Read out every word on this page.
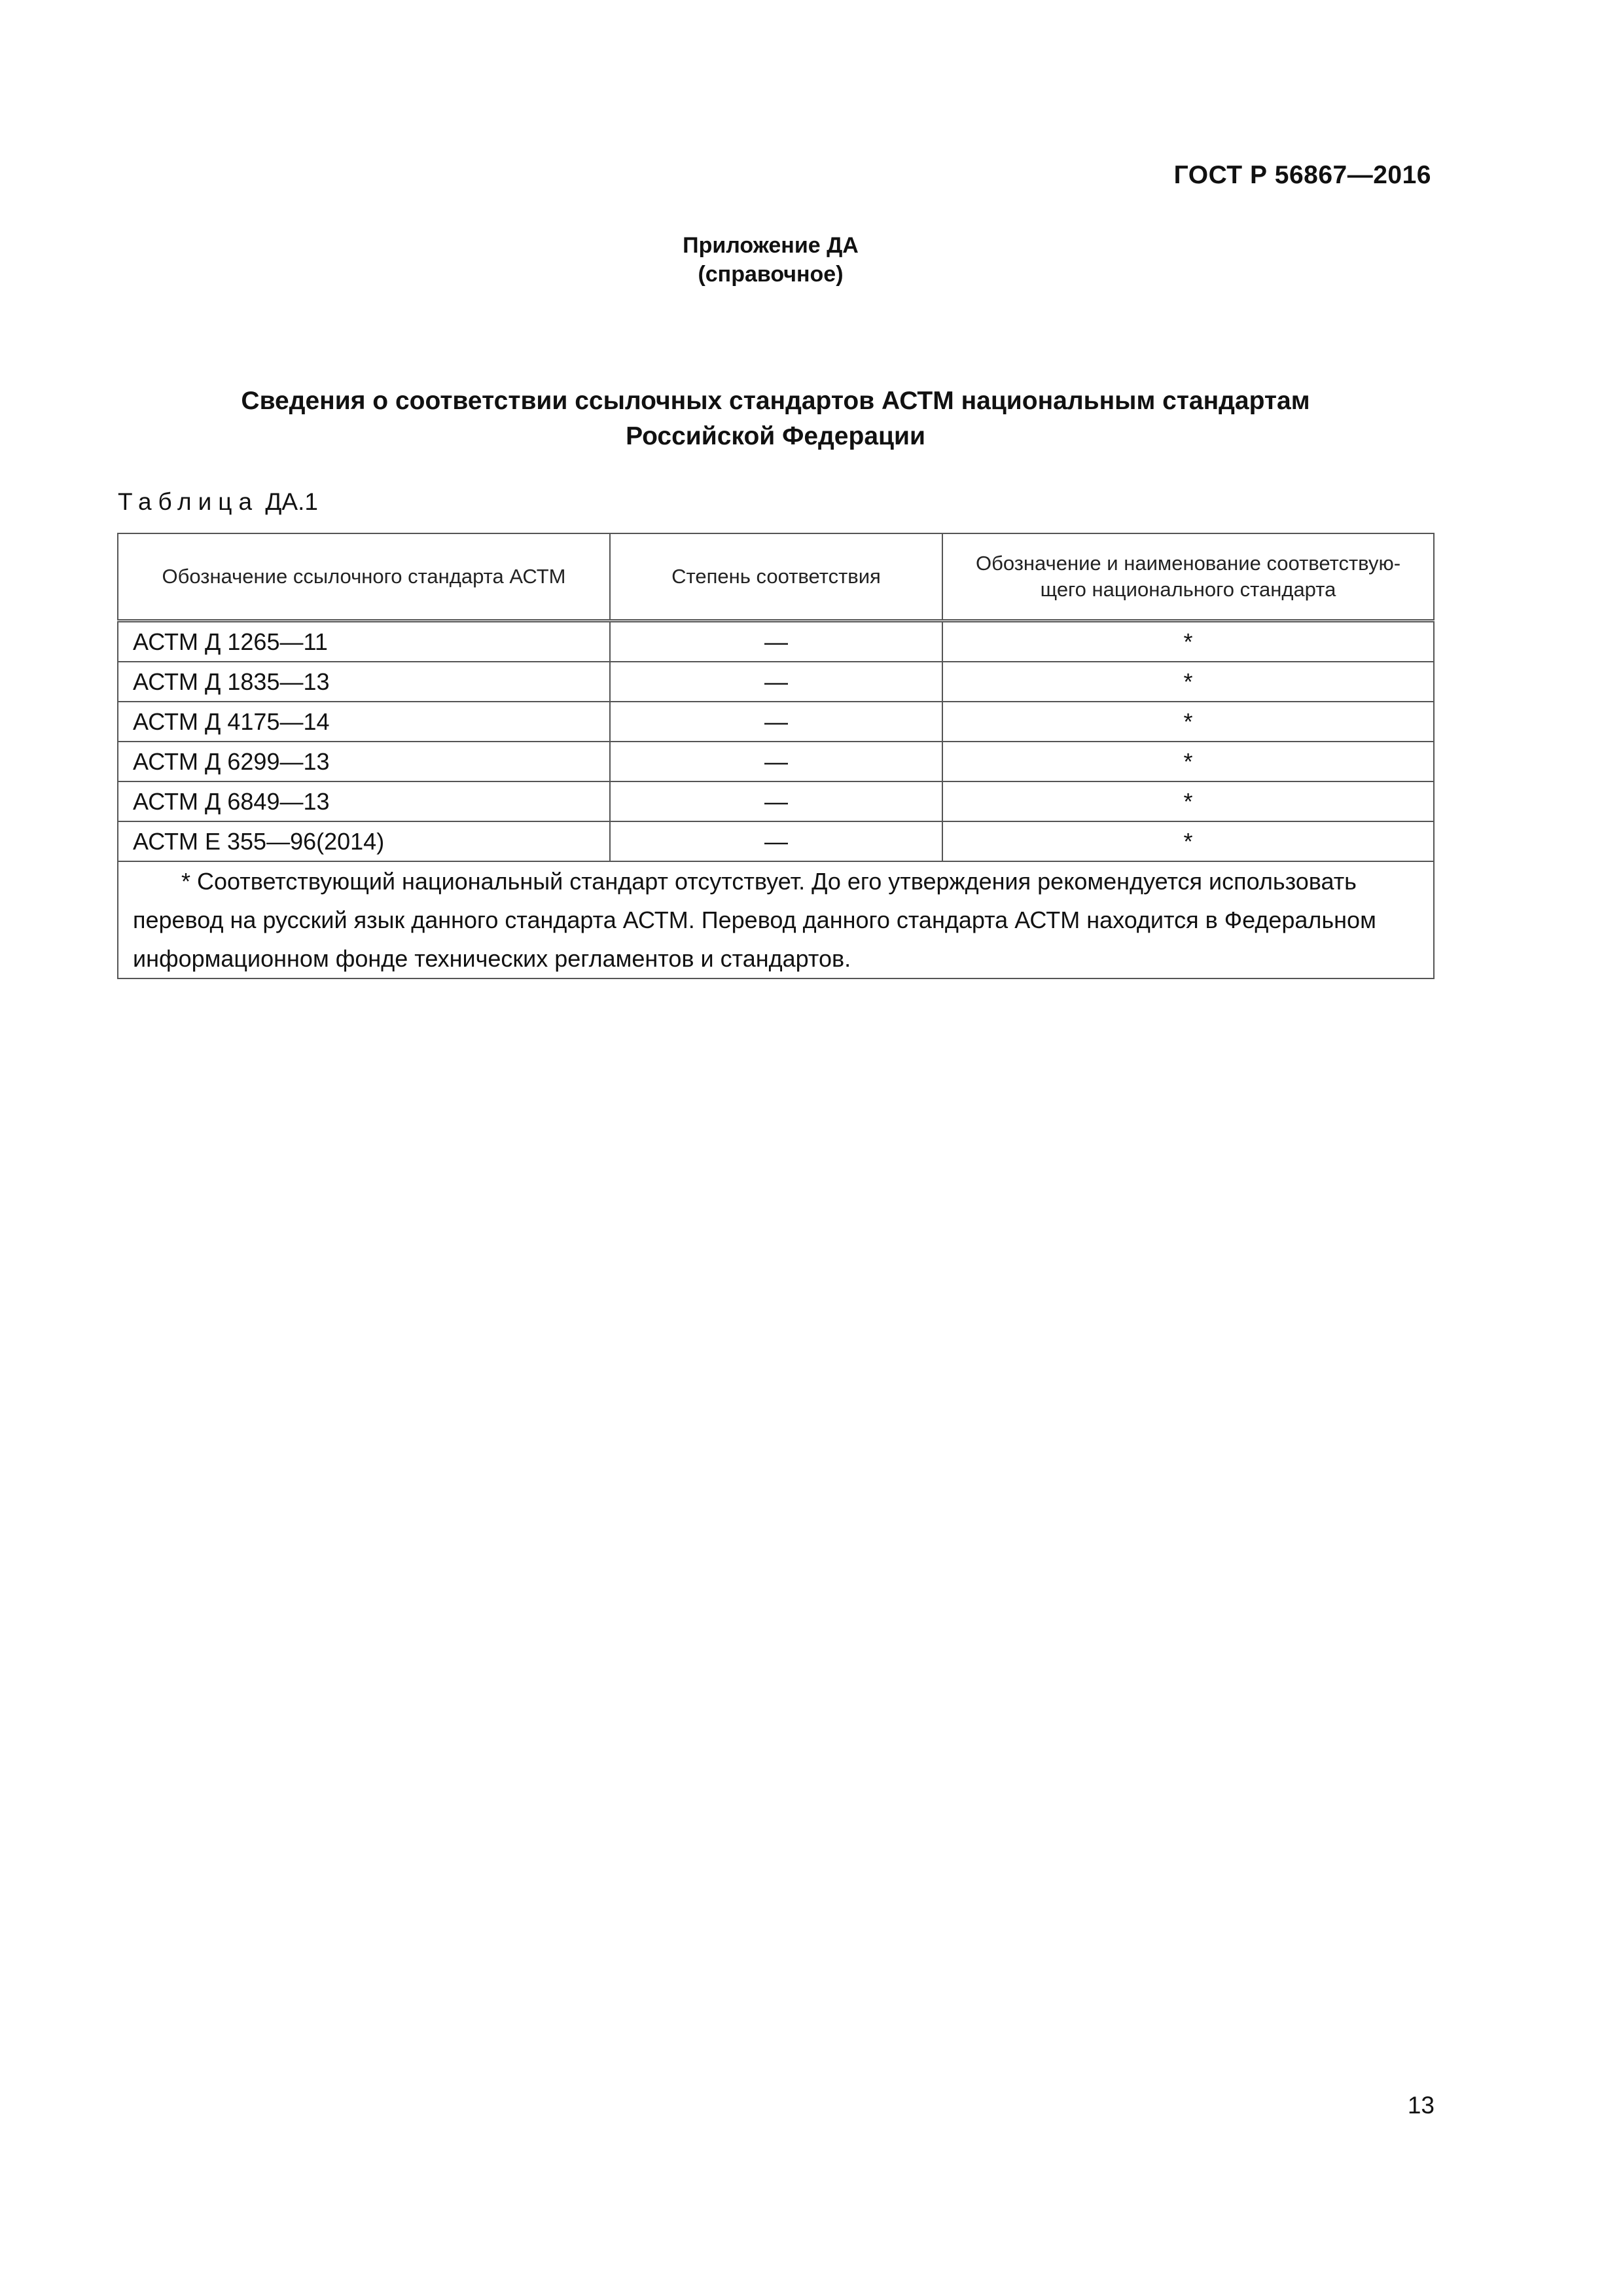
ГОСТ Р 56867—2016
Приложение ДА
(справочное)
Сведения о соответствии ссылочных стандартов АСТМ национальным стандартам
Российской Федерации
Таблица ДА.1
Обозначение ссылочного стандарта АСТМ	Степень соответствия	Обозначение и наименование соответствую-щего национального стандарта
АСТМ Д 1265—11	—	*
АСТМ Д 1835—13	—	*
АСТМ Д 4175—14	—	*
АСТМ Д 6299—13	—	*
АСТМ Д 6849—13	—	*
АСТМ Е 355—96(2014)	—	*
* Соответствующий национальный стандарт отсутствует. До его утверждения рекомендуется использовать перевод на русский язык данного стандарта АСТМ. Перевод данного стандарта АСТМ находится в Федеральном информационном фонде технических регламентов и стандартов.		
13
